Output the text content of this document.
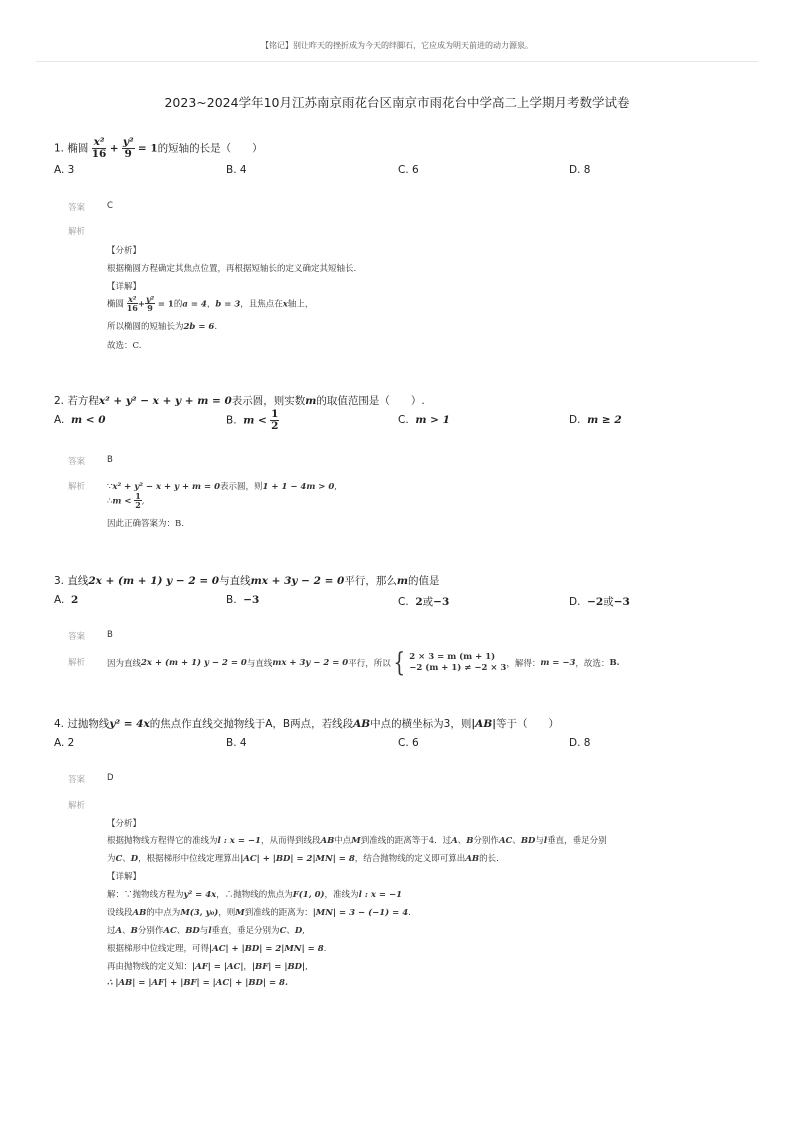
【铭记】别让昨天的挫折成为今天的绊脚石，它应成为明天前进的动力源泉。
2023~2024学年10月江苏南京雨花台区南京市雨花台中学高二上学期月考数学试卷
1. 椭圆 $\frac{\text{x²}}{16} + \frac{\text{y²}}{9} = 1$的短轴的长是（　　）
A. 3	B. 4	C. 6	D. 8
答案	C
解析
【分析】
根据椭圆方程确定其焦点位置，再根据短轴长的定义确定其短轴长.
【详解】
椭圆 $\frac{\text{x²}}{16} + \frac{\text{y²}}{9} = 1$的a = 4，b = 3，且焦点在x轴上，
所以椭圆的短轴长为2b = 6.
故选：C.
2. 若方程x² + y² − x + y + m = 0表示圆，则实数m的取值范围是（　　）.
A. m < 0	B. $m < \frac{1}{2}$	C. m > 1	D. m ≥ 2
答案	B
解析	∵x² + y² − x + y + m = 0表示圆，则1 + 1 − 4m > 0,
∴m < $\frac{1}{2}$ ,
因此正确答案为：B.
3. 直线2x + (m + 1) y − 2 = 0与直线mx + 3y − 2 = 0平行，那么m的值是
A. 2	B. −3	C. 2或−3	D. −2或−3
答案	B
解析	因为直线 2x + (m + 1) y − 2 = 0 与直线 mx + 3y − 2 = 0 平行，所以 { 2 × 3 = m (m + 1)
−2 (m + 1) ≠ −2 × 3 ，解得： m = −3 ，故选： B.
4. 过抛物线y² = 4x的焦点作直线交抛物线于A，B两点，若线段AB中点的横坐标为3，则|AB|等于（　　）
A. 2	B. 4	C. 6	D. 8
答案	D
解析
【分析】
根据抛物线方程得它的准线为l : x = −1，从而得到线段AB中点M到准线的距离等于4．过A、B分别作AC、BD与l垂直，垂足分别
为C、D，根据梯形中位线定理算出|AC| + |BD| = 2|MN| = 8，结合抛物线的定义即可算出AB的长.
【详解】
解：∵抛物线方程为y² = 4x，∴抛物线的焦点为F(1, 0)，准线为l : x = −1
设线段AB的中点为M(3, y₀)，则M到准线的距离为：|MN| = 3 − (−1) = 4.
过A、B分别作AC、BD与l垂直，垂足分别为C、D,
根据梯形中位线定理，可得|AC| + |BD| = 2|MN| = 8.
再由抛物线的定义知：|AF| = |AC|，|BF| = |BD|,
∴ |AB| = |AF| + |BF| = |AC| + |BD| = 8.
